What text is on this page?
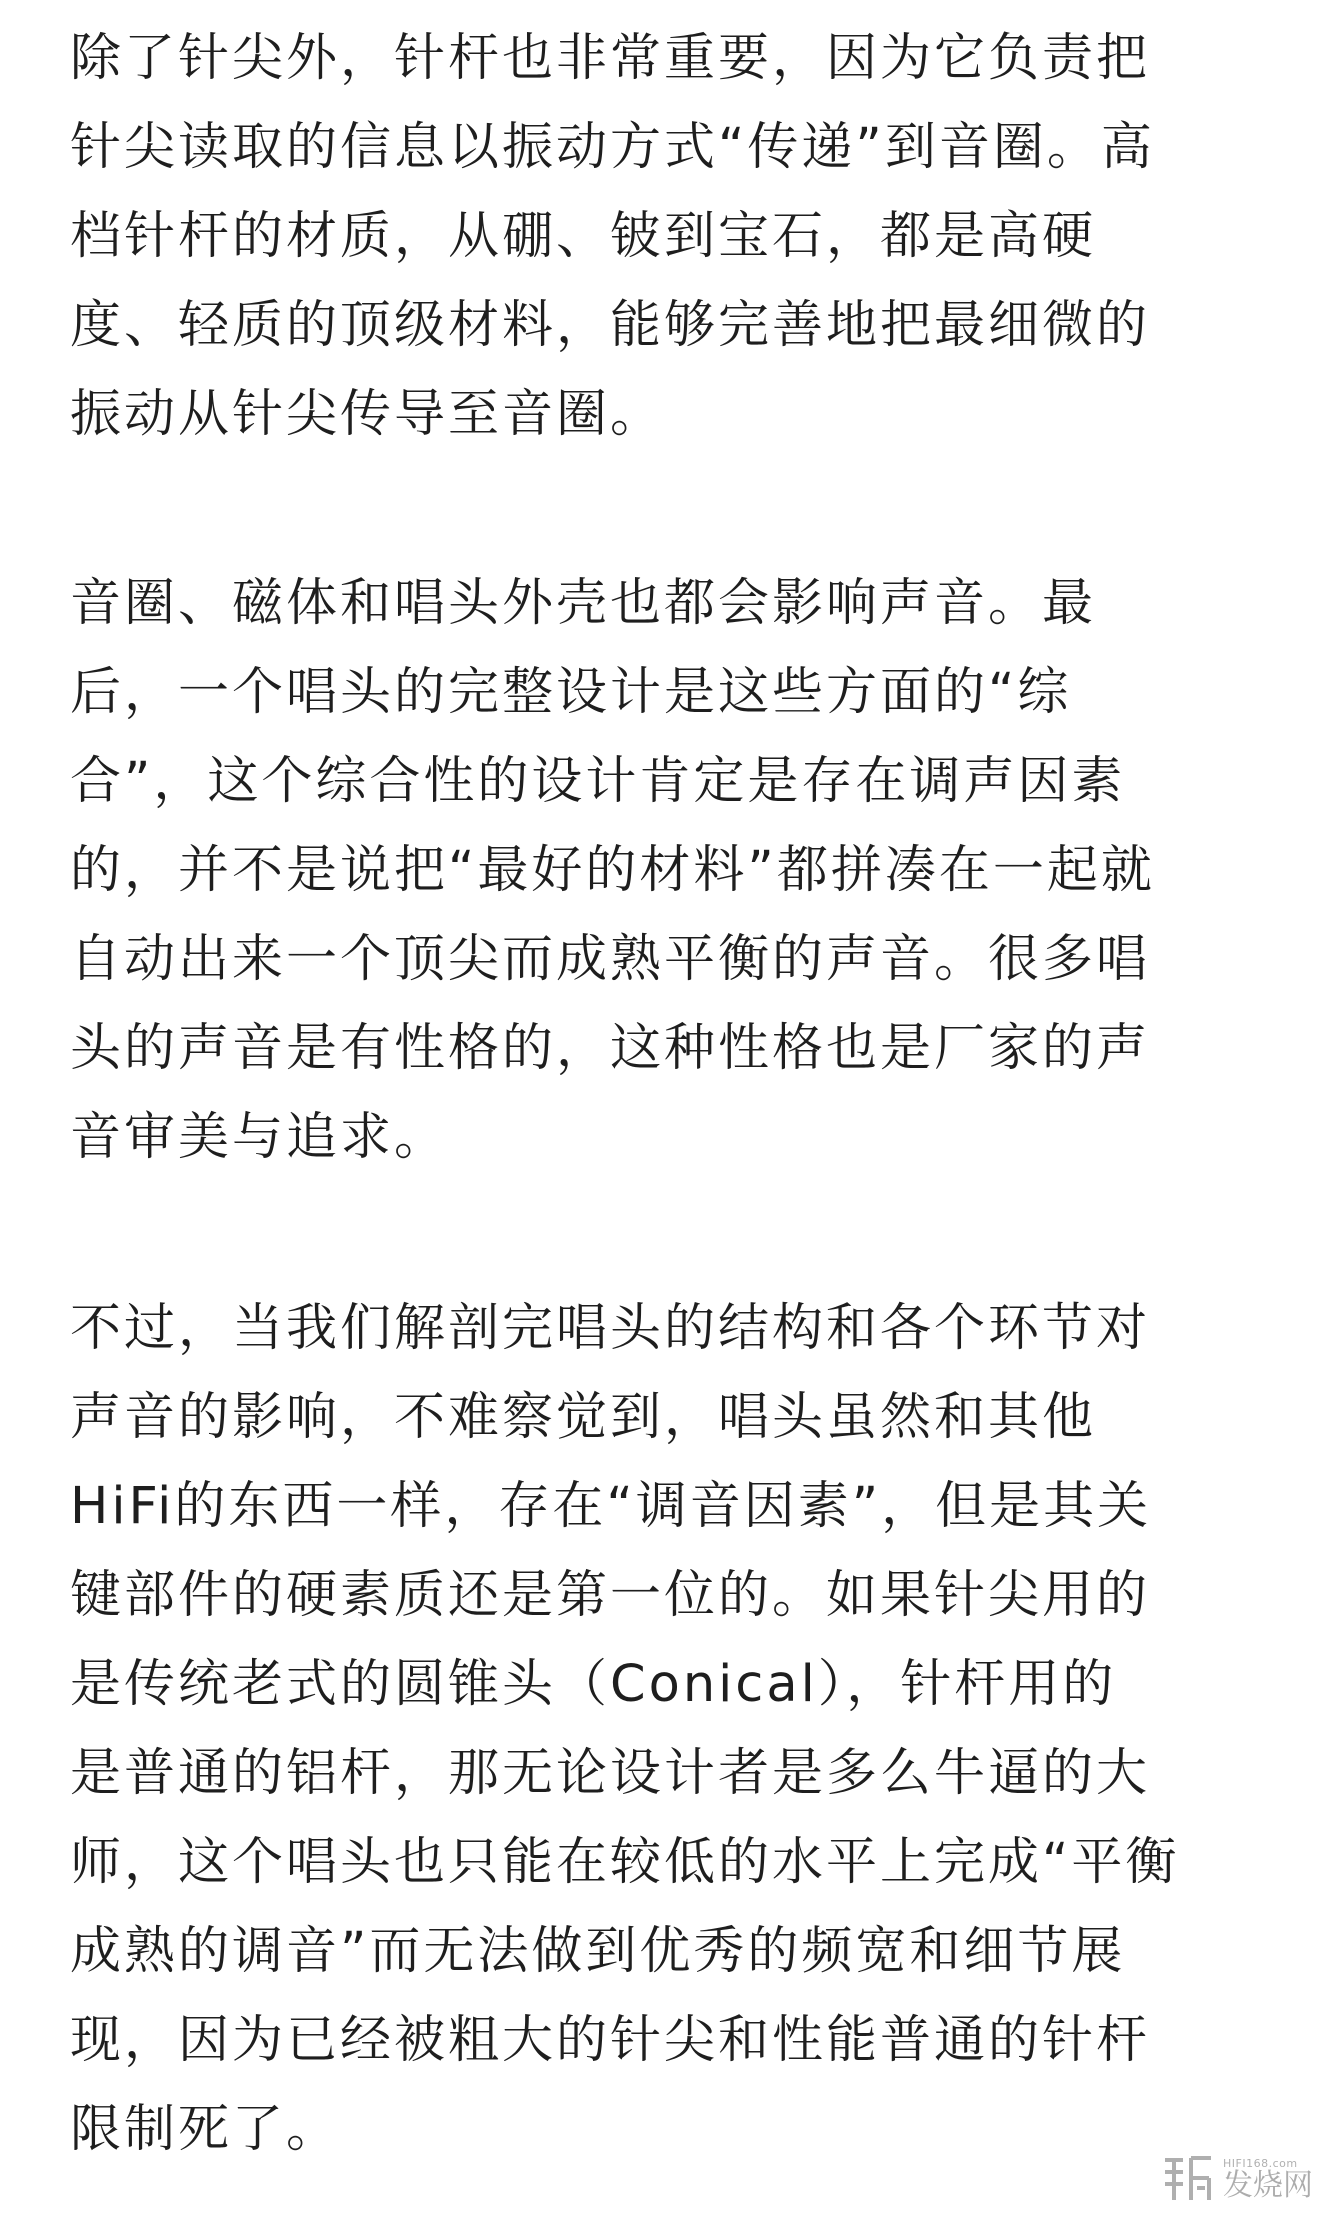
除了针尖外，针杆也非常重要，因为它负责把
针尖读取的信息以振动方式“传递”到音圈。高
档针杆的材质，从硼、铍到宝石，都是高硬
度、轻质的顶级材料，能够完善地把最细微的
振动从针尖传导至音圈。
音圈、磁体和唱头外壳也都会影响声音。最
后，一个唱头的完整设计是这些方面的“综
合”，这个综合性的设计肯定是存在调声因素
的，并不是说把“最好的材料”都拼凑在一起就
自动出来一个顶尖而成熟平衡的声音。很多唱
头的声音是有性格的，这种性格也是厂家的声
音审美与追求。
不过，当我们解剖完唱头的结构和各个环节对
声音的影响，不难察觉到，唱头虽然和其他
HiFi的东西一样，存在“调音因素”，但是其关
键部件的硬素质还是第一位的。如果针尖用的
是传统老式的圆锥头（Conical），针杆用的
是普通的铝杆，那无论设计者是多么牛逼的大
师，这个唱头也只能在较低的水平上完成“平衡
成熟的调音”而无法做到优秀的频宽和细节展
现，因为已经被粗大的针尖和性能普通的针杆
限制死了。
HIFI168.com
发烧网
